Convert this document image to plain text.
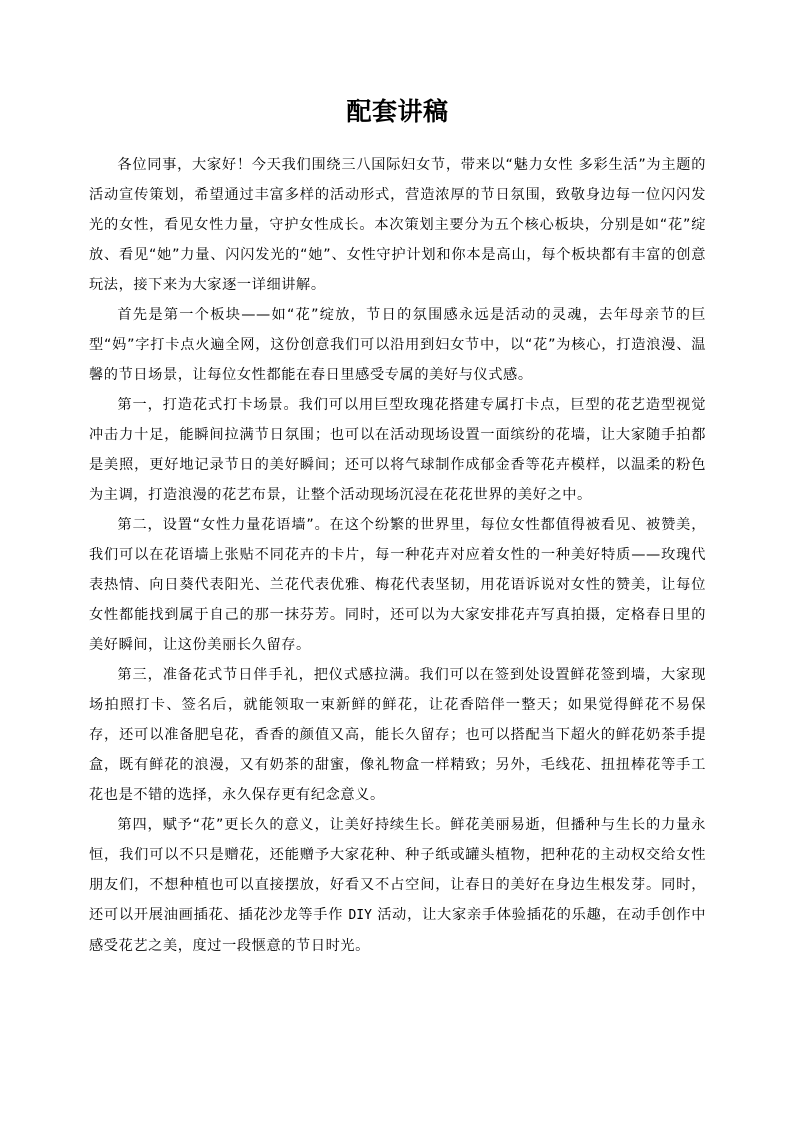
配套讲稿

各位同事，大家好！今天我们围绕三八国际妇女节，带来以“魅力女性 多彩生活”为主题的活动宣传策划，希望通过丰富多样的活动形式，营造浓厚的节日氛围，致敬身边每一位闪闪发光的女性，看见女性力量，守护女性成长。本次策划主要分为五个核心板块，分别是如“花”绽放、看见“她”力量、闪闪发光的“她”、女性守护计划和你本是高山，每个板块都有丰富的创意玩法，接下来为大家逐一详细讲解。

首先是第一个板块——如“花”绽放，节日的氛围感永远是活动的灵魂，去年母亲节的巨型“妈”字打卡点火遍全网，这份创意我们可以沿用到妇女节中，以“花”为核心，打造浪漫、温馨的节日场景，让每位女性都能在春日里感受专属的美好与仪式感。

第一，打造花式打卡场景。我们可以用巨型玫瑰花搭建专属打卡点，巨型的花艺造型视觉冲击力十足，能瞬间拉满节日氛围；也可以在活动现场设置一面缤纷的花墙，让大家随手拍都是美照，更好地记录节日的美好瞬间；还可以将气球制作成郁金香等花卉模样，以温柔的粉色为主调，打造浪漫的花艺布景，让整个活动现场沉浸在花花世界的美好之中。

第二，设置“女性力量花语墙”。在这个纷繁的世界里，每位女性都值得被看见、被赞美，我们可以在花语墙上张贴不同花卉的卡片，每一种花卉对应着女性的一种美好特质——玫瑰代表热情、向日葵代表阳光、兰花代表优雅、梅花代表坚韧，用花语诉说对女性的赞美，让每位女性都能找到属于自己的那一抹芬芳。同时，还可以为大家安排花卉写真拍摄，定格春日里的美好瞬间，让这份美丽长久留存。

第三，准备花式节日伴手礼，把仪式感拉满。我们可以在签到处设置鲜花签到墙，大家现场拍照打卡、签名后，就能领取一束新鲜的鲜花，让花香陪伴一整天；如果觉得鲜花不易保存，还可以准备肥皂花，香香的颜值又高，能长久留存；也可以搭配当下超火的鲜花奶茶手提盒，既有鲜花的浪漫，又有奶茶的甜蜜，像礼物盒一样精致；另外，毛线花、扭扭棒花等手工花也是不错的选择，永久保存更有纪念意义。

第四，赋予“花”更长久的意义，让美好持续生长。鲜花美丽易逝，但播种与生长的力量永恒，我们可以不只是赠花，还能赠予大家花种、种子纸或罐头植物，把种花的主动权交给女性朋友们，不想种植也可以直接摆放，好看又不占空间，让春日的美好在身边生根发芽。同时，还可以开展油画插花、插花沙龙等手作 DIY 活动，让大家亲手体验插花的乐趣，在动手创作中感受花艺之美，度过一段惬意的节日时光。
